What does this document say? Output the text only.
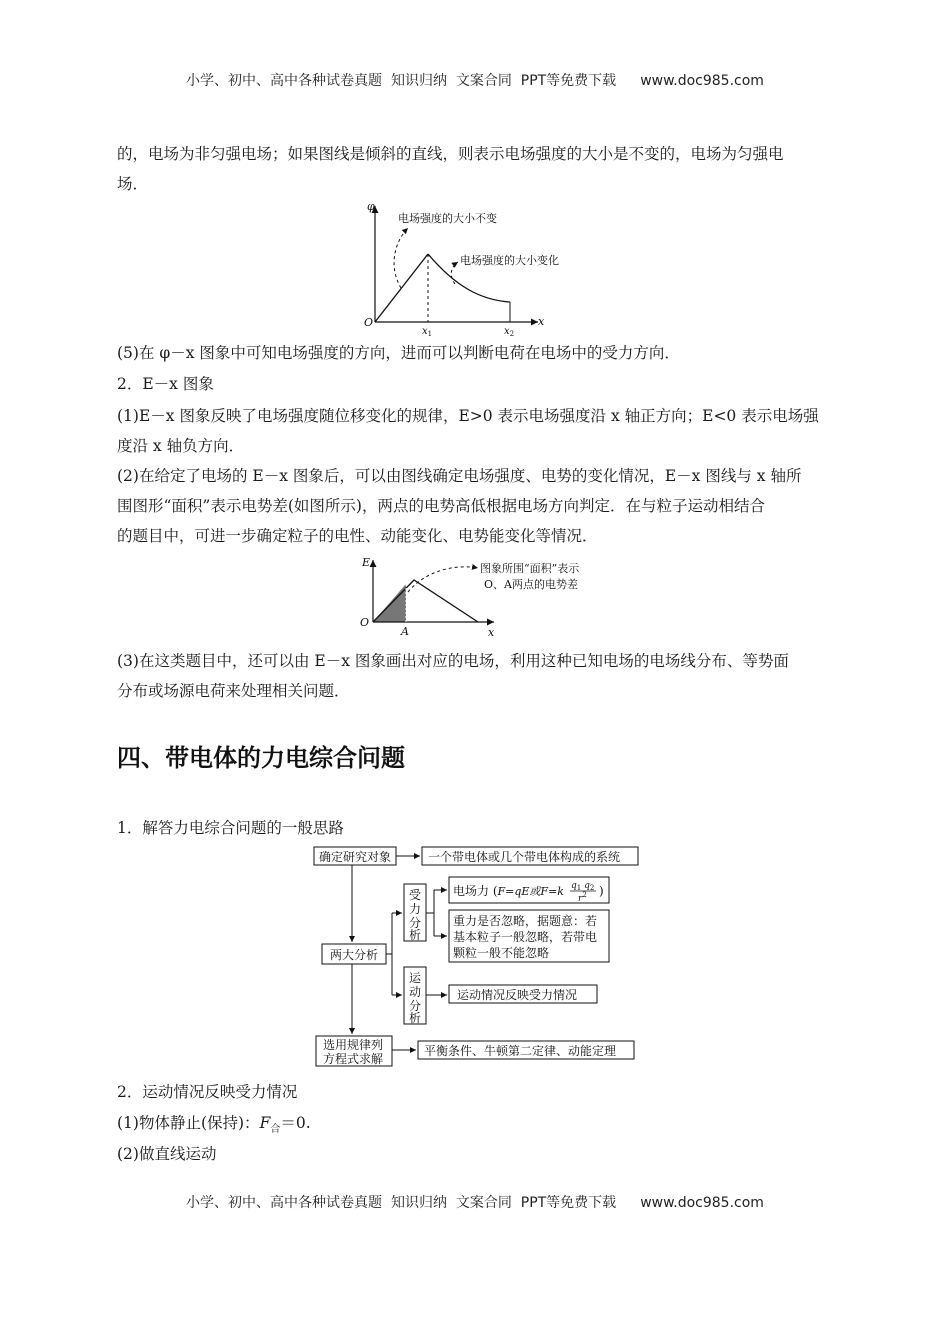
小学、初中、高中各种试卷真题  知识归纳  文案合同  PPT等免费下载 www.doc985.com
的，电场为非匀强电场；如果图线是倾斜的直线，则表示电场强度的大小是不变的，电场为匀强电
场．
电场强度的大小不变
电场强度的大小变化
φ
x
O
$x_1$	$x_2$
(5)在 φ－x 图象中可知电场强度的方向，进而可以判断电荷在电场中的受力方向．
2．E－x 图象
(1)E－x 图象反映了电场强度随位移变化的规律，E>0 表示电场强度沿 x 轴正方向；E<0 表示电场强
度沿 x 轴负方向．
(2)在给定了电场的 E－x 图象后，可以由图线确定电场强度、电势的变化情况，E－x 图线与 x 轴所
围图形“面积”表示电势差(如图所示)，两点的电势高低根据电场方向判定．在与粒子运动相结合
的题目中，可进一步确定粒子的电性、动能变化、电势能变化等情况．
图象所围“面积”表示
O、A两点的电势差
E
x
O
A
(3)在这类题目中，还可以由 E－x 图象画出对应的电场，利用这种已知电场的电场线分布、等势面
分布或场源电荷来处理相关问题．
四、带电体的力电综合问题
1．解答力电综合问题的一般思路
确定研究对象	一个带电体或几个带电体构成的系统
两大分析
受
力
分
析
电场力 (F=qE或F=k $q_1$ $q_2$
$r^2$ )
重力是否忽略，据题意：若
基本粒子一般忽略，若带电
颗粒一般不能忽略
运
动
分
析
运动情况反映受力情况
选用规律列
方程式求解
平衡条件、牛顿第二定律、动能定理
2．运动情况反映受力情况
(1)物体静止(保持)：$F_合=0$.
(2)做直线运动
小学、初中、高中各种试卷真题  知识归纳  文案合同  PPT等免费下载 www.doc985.com
